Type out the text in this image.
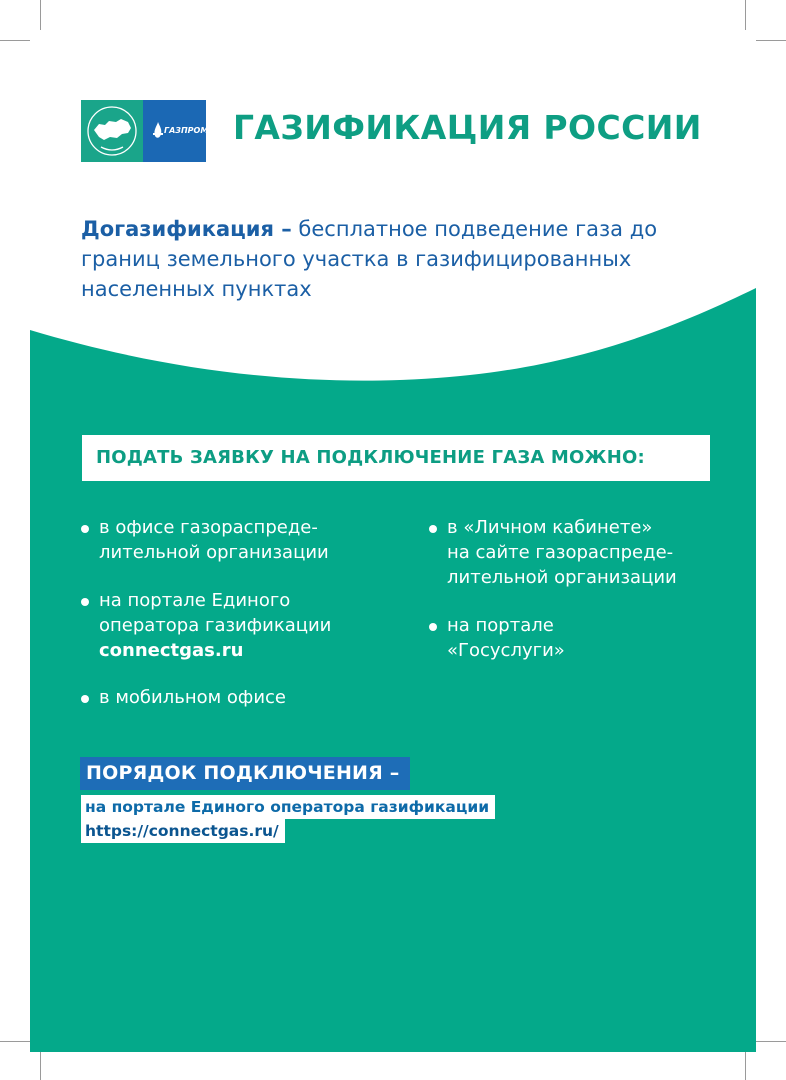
ГАЗПРОМ ГАЗИФИКАЦИЯ РОССИИ
Догазификация – бесплатное подведение газа до границ земельного участка в газифицированных населенных пунктах
ПОДАТЬ ЗАЯВКУ НА ПОДКЛЮЧЕНИЕ ГАЗА МОЖНО:
в офисе газораспреде-
лительной организации
на портале Единого
оператора газификации
connectgas.ru
в мобильном офисе
в «Личном кабинете»
на сайте газораспреде-
лительной организации
на портале
«Госуслуги»
ПОРЯДОК ПОДКЛЮЧЕНИЯ –
на портале Единого оператора газификации
https://connectgas.ru/
